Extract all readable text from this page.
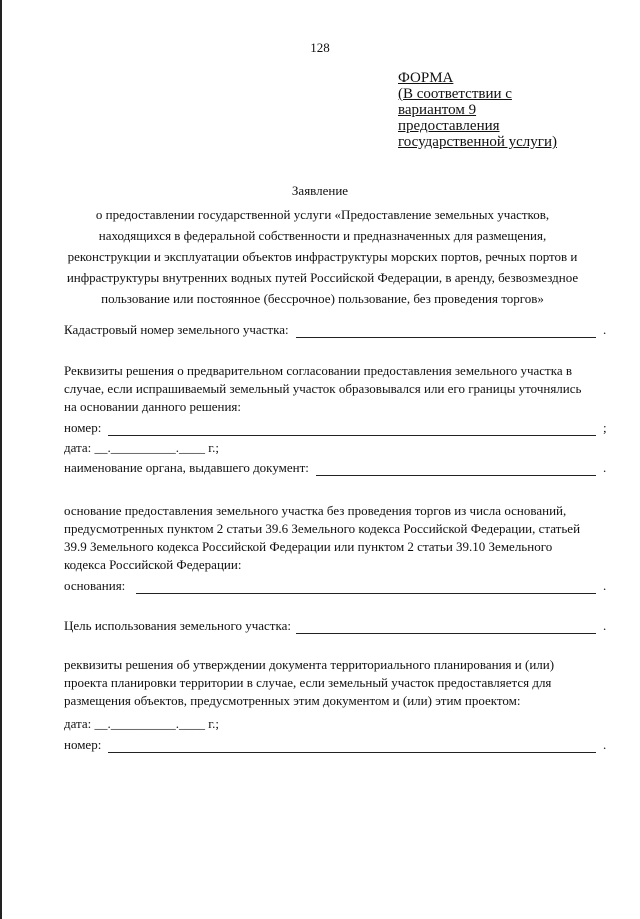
128
ФОРМА
(В соответствии с
вариантом 9
предоставления
государственной услуги)
Заявление
о предоставлении государственной услуги «Предоставление земельных участков,
находящихся в федеральной собственности и предназначенных для размещения,
реконструкции и эксплуатации объектов инфраструктуры морских портов, речных портов и
инфраструктуры внутренних водных путей Российской Федерации, в аренду, безвозмездное
пользование или постоянное (бессрочное) пользование, без проведения торгов»
Кадастровый номер земельного участка:	.
Реквизиты решения о предварительном согласовании предоставления земельного участка в
случае, если испрашиваемый земельный участок образовывался или его границы уточнялись
на основании данного решения:
номер:	;
дата: __.__________.____ г.;
наименование органа, выдавшего документ:	.
основание предоставления земельного участка без проведения торгов из числа оснований,
предусмотренных пунктом 2 статьи 39.6 Земельного кодекса Российской Федерации, статьей
39.9 Земельного кодекса Российской Федерации или пунктом 2 статьи 39.10 Земельного
кодекса Российской Федерации:
основания:	.
Цель использования земельного участка:	.
реквизиты решения об утверждении документа территориального планирования и (или)
проекта планировки территории в случае, если земельный участок предоставляется для
размещения объектов, предусмотренных этим документом и (или) этим проектом:
дата: __.__________.____ г.;
номер:	.
